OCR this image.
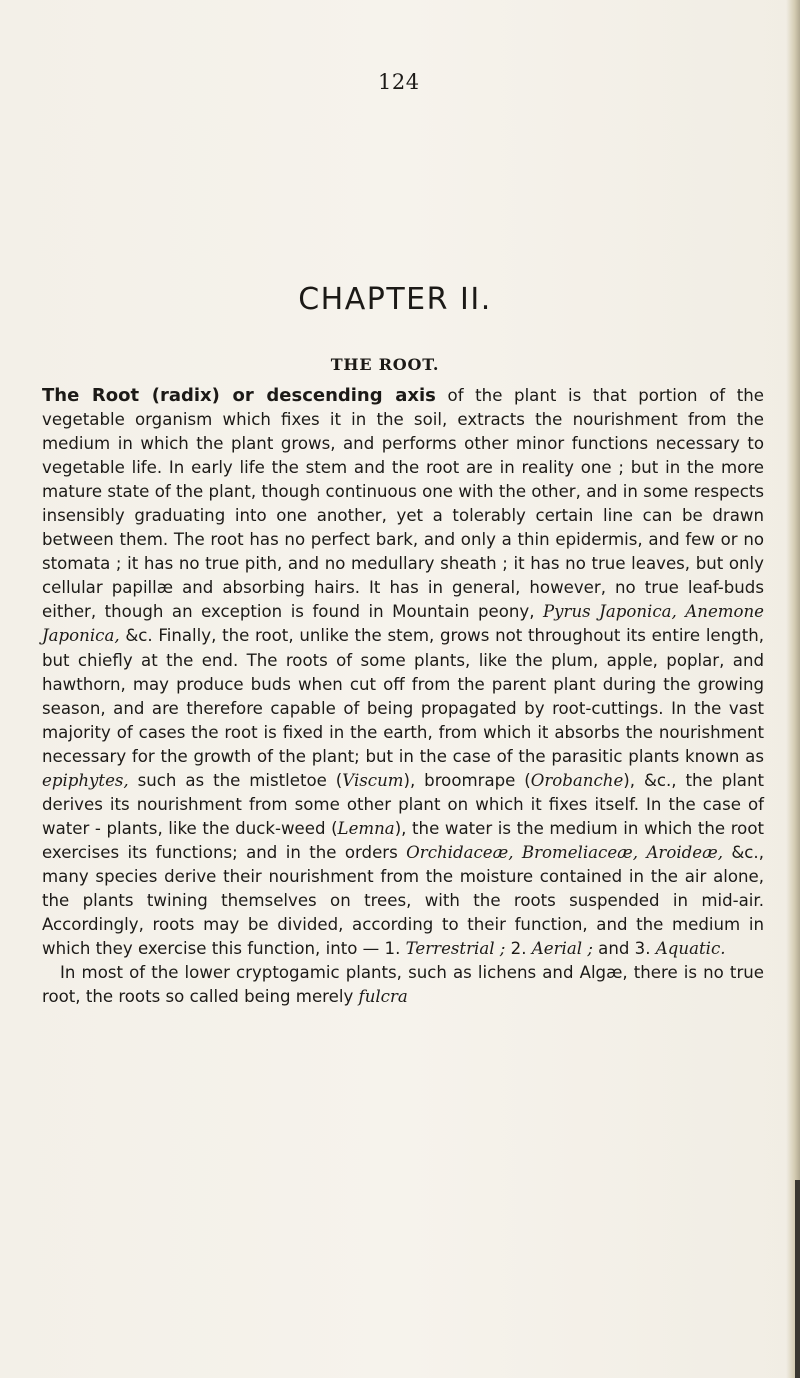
124
CHAPTER II.
THE ROOT.

The Root (radix) or descending axis of the plant is that portion of the vegetable organism which fixes it in the soil, extracts the nourishment from the medium in which the plant grows, and performs other minor functions necessary to vegetable life. In early life the stem and the root are in reality one ; but in the more mature state of the plant, though continuous one with the other, and in some respects insensibly graduating into one another, yet a tolerably certain line can be drawn between them. The root has no perfect bark, and only a thin epidermis, and few or no stomata ; it has no true pith, and no medullary sheath ; it has no true leaves, but only cellular papillæ and absorbing hairs. It has in general, however, no true leaf-buds either, though an exception is found in Mountain peony, Pyrus Japonica, Anemone Japonica, &c. Finally, the root, unlike the stem, grows not throughout its entire length, but chiefly at the end. The roots of some plants, like the plum, apple, poplar, and hawthorn, may produce buds when cut off from the parent plant during the growing season, and are therefore capable of being propagated by root-cuttings. In the vast majority of cases the root is fixed in the earth, from which it absorbs the nourishment necessary for the growth of the plant; but in the case of the parasitic plants known as epiphytes, such as the mistletoe (Viscum), broomrape (Orobanche), &c., the plant derives its nourishment from some other plant on which it fixes itself. In the case of water - plants, like the duck-weed (Lemna), the water is the medium in which the root exercises its functions; and in the orders Orchidaceæ, Bromeliaceæ, Aroideæ, &c., many species derive their nourishment from the moisture contained in the air alone, the plants twining themselves on trees, with the roots suspended in mid-air. Accordingly, roots may be divided, according to their function, and the medium in which they exercise this function, into — 1. Terrestrial ; 2. Aerial ; and 3. Aquatic.

In most of the lower cryptogamic plants, such as lichens and Algæ, there is no true root, the roots so called being merely fulcra
